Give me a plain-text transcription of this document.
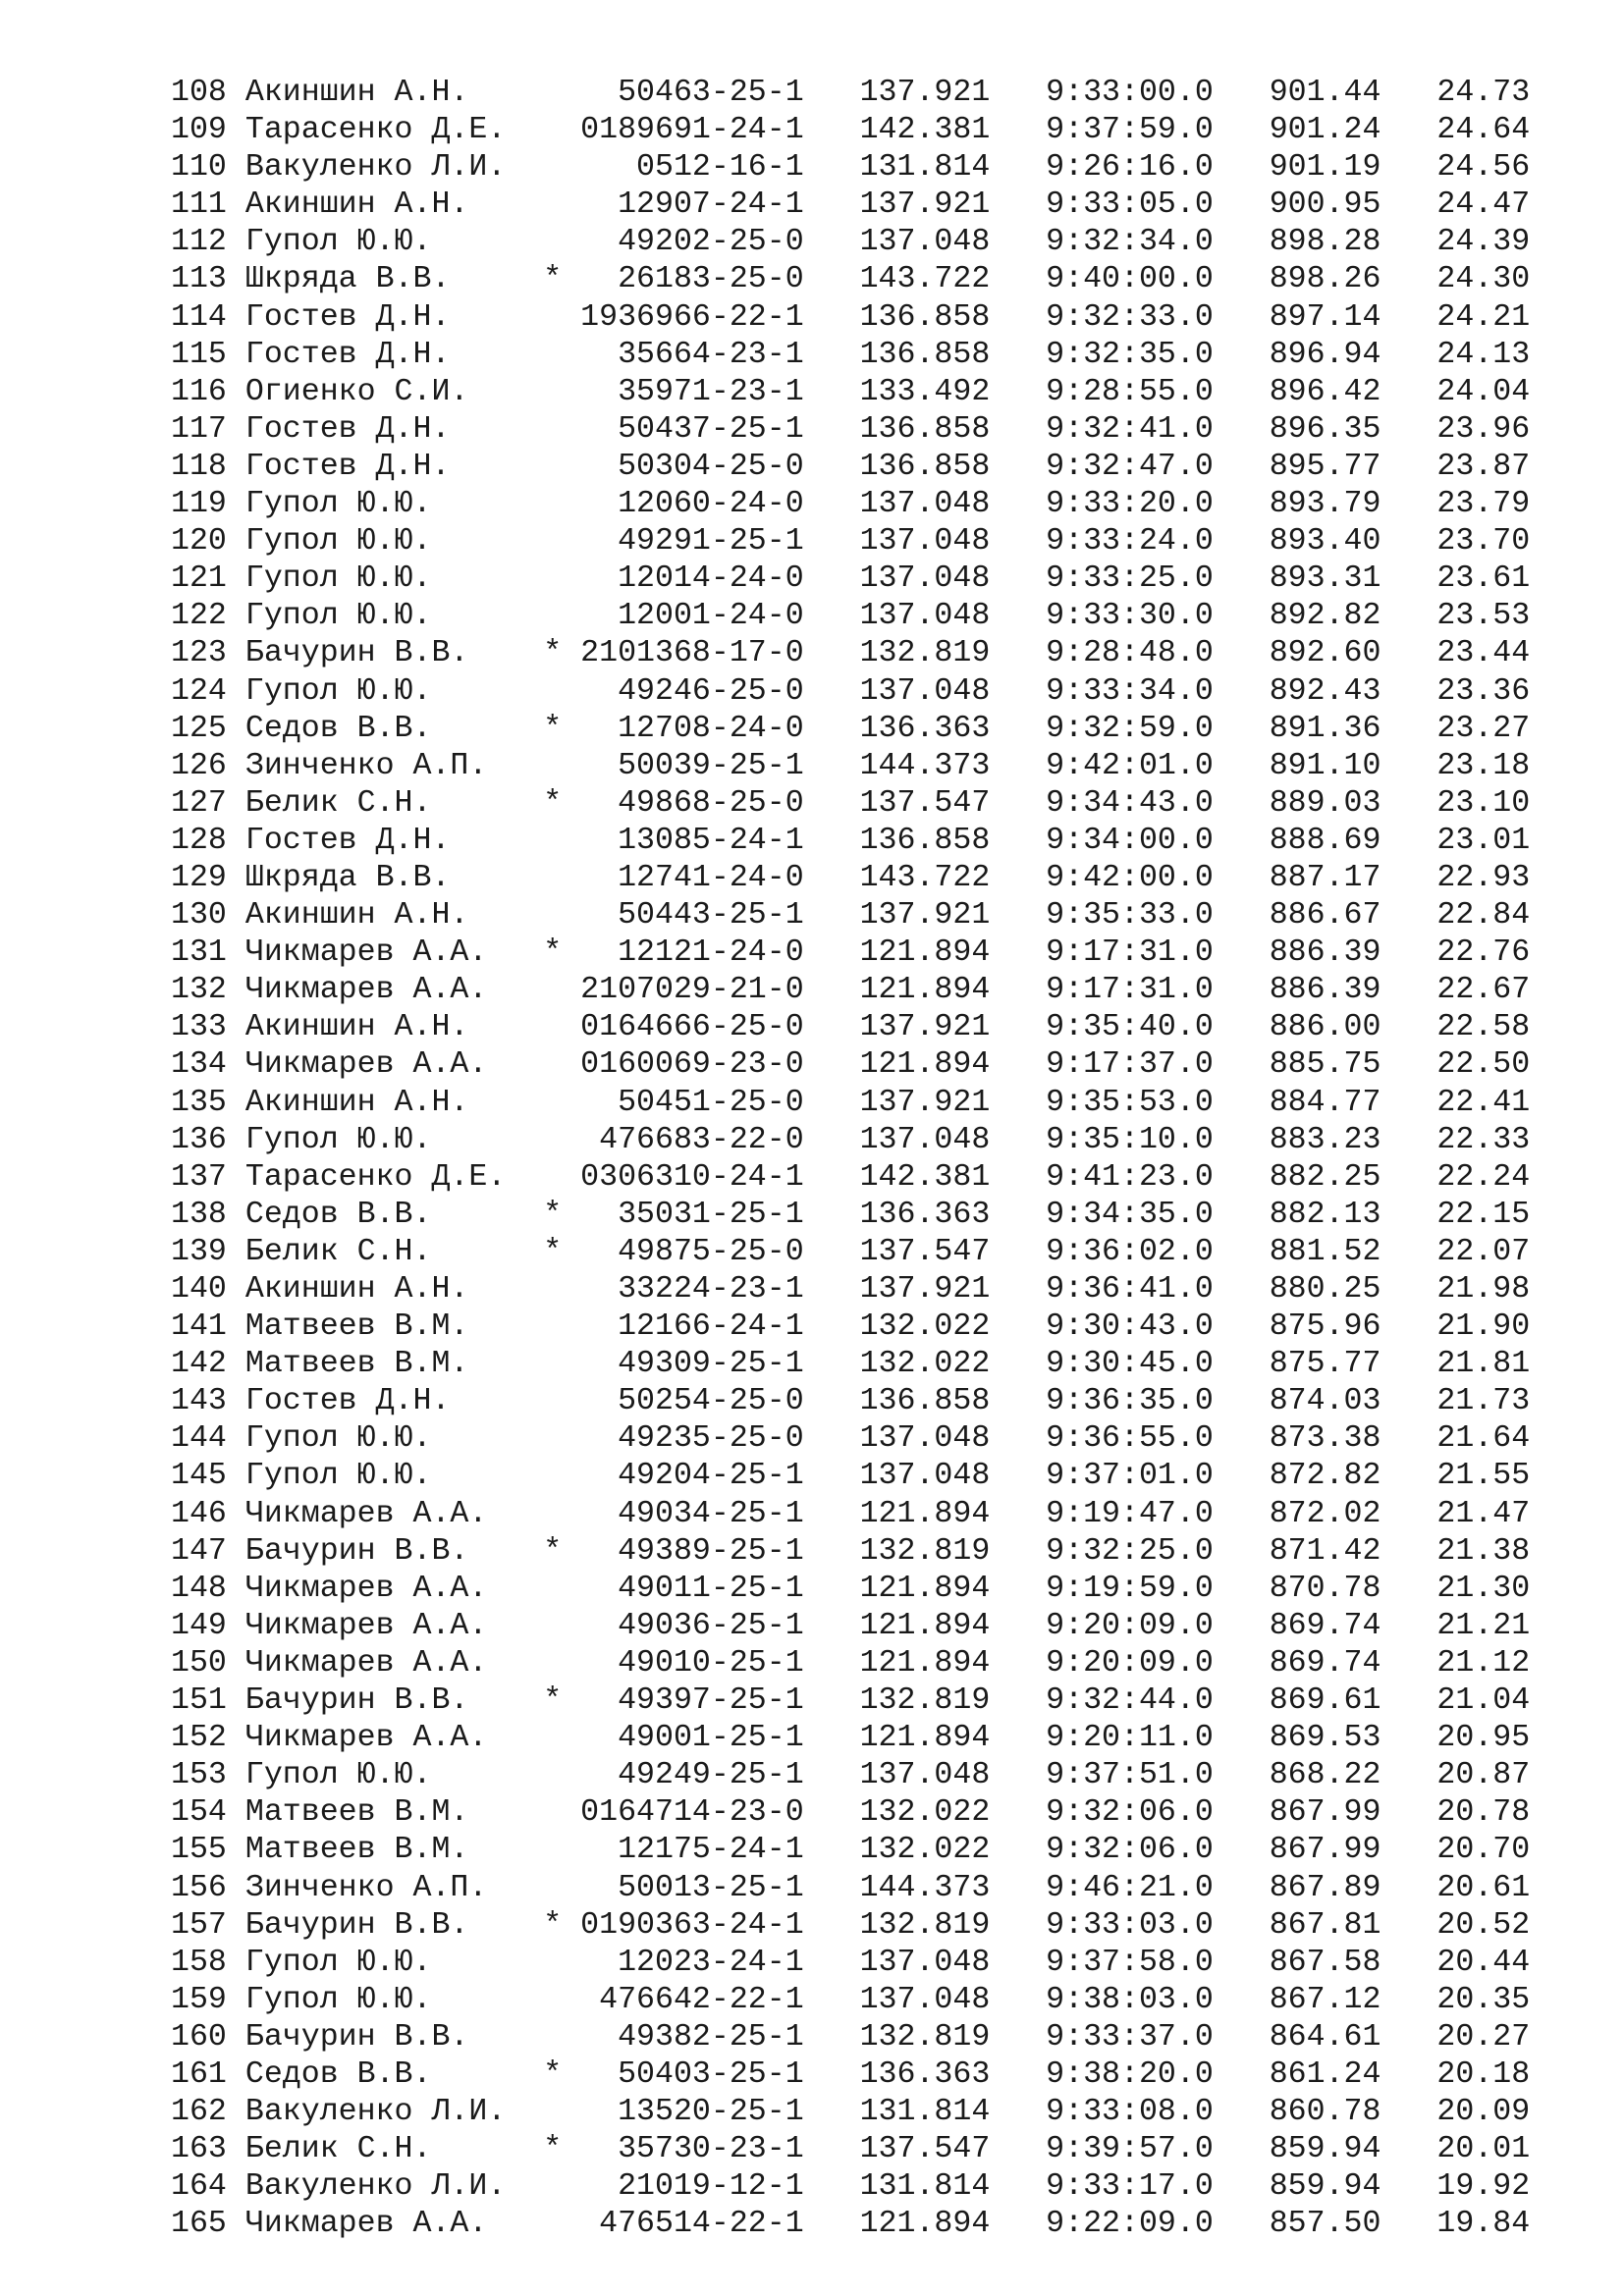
108 Акиншин А.Н.        50463-25-1 137.921 9:33:00.0 901.44 24.73
109 Тарасенко Д.Е.    0189691-24-1 142.381 9:37:59.0 901.24 24.64
110 Вакуленко Л.И.       0512-16-1 131.814 9:26:16.0 901.19 24.56
111 Акиншин А.Н.        12907-24-1 137.921 9:33:05.0 900.95 24.47
112 Гупол Ю.Ю.          49202-25-0 137.048 9:32:34.0 898.28 24.39
113 Шкряда В.В.     *   26183-25-0 143.722 9:40:00.0 898.26 24.30
114 Гостев Д.Н.       1936966-22-1 136.858 9:32:33.0 897.14 24.21
115 Гостев Д.Н.         35664-23-1 136.858 9:32:35.0 896.94 24.13
116 Огиенко С.И.        35971-23-1 133.492 9:28:55.0 896.42 24.04
117 Гостев Д.Н.         50437-25-1 136.858 9:32:41.0 896.35 23.96
118 Гостев Д.Н.         50304-25-0 136.858 9:32:47.0 895.77 23.87
119 Гупол Ю.Ю.          12060-24-0 137.048 9:33:20.0 893.79 23.79
120 Гупол Ю.Ю.          49291-25-1 137.048 9:33:24.0 893.40 23.70
121 Гупол Ю.Ю.          12014-24-0 137.048 9:33:25.0 893.31 23.61
122 Гупол Ю.Ю.          12001-24-0 137.048 9:33:30.0 892.82 23.53
123 Бачурин В.В.    * 2101368-17-0 132.819 9:28:48.0 892.60 23.44
124 Гупол Ю.Ю.          49246-25-0 137.048 9:33:34.0 892.43 23.36
125 Седов В.В.      *   12708-24-0 136.363 9:32:59.0 891.36 23.27
126 Зинченко А.П.       50039-25-1 144.373 9:42:01.0 891.10 23.18
127 Белик С.Н.      *   49868-25-0 137.547 9:34:43.0 889.03 23.10
128 Гостев Д.Н.         13085-24-1 136.858 9:34:00.0 888.69 23.01
129 Шкряда В.В.         12741-24-0 143.722 9:42:00.0 887.17 22.93
130 Акиншин А.Н.        50443-25-1 137.921 9:35:33.0 886.67 22.84
131 Чикмарев А.А.   *   12121-24-0 121.894 9:17:31.0 886.39 22.76
132 Чикмарев А.А.     2107029-21-0 121.894 9:17:31.0 886.39 22.67
133 Акиншин А.Н.      0164666-25-0 137.921 9:35:40.0 886.00 22.58
134 Чикмарев А.А.     0160069-23-0 121.894 9:17:37.0 885.75 22.50
135 Акиншин А.Н.        50451-25-0 137.921 9:35:53.0 884.77 22.41
136 Гупол Ю.Ю.         476683-22-0 137.048 9:35:10.0 883.23 22.33
137 Тарасенко Д.Е.    0306310-24-1 142.381 9:41:23.0 882.25 22.24
138 Седов В.В.      *   35031-25-1 136.363 9:34:35.0 882.13 22.15
139 Белик С.Н.      *   49875-25-0 137.547 9:36:02.0 881.52 22.07
140 Акиншин А.Н.        33224-23-1 137.921 9:36:41.0 880.25 21.98
141 Матвеев В.М.        12166-24-1 132.022 9:30:43.0 875.96 21.90
142 Матвеев В.М.        49309-25-1 132.022 9:30:45.0 875.77 21.81
143 Гостев Д.Н.         50254-25-0 136.858 9:36:35.0 874.03 21.73
144 Гупол Ю.Ю.          49235-25-0 137.048 9:36:55.0 873.38 21.64
145 Гупол Ю.Ю.          49204-25-1 137.048 9:37:01.0 872.82 21.55
146 Чикмарев А.А.       49034-25-1 121.894 9:19:47.0 872.02 21.47
147 Бачурин В.В.    *   49389-25-1 132.819 9:32:25.0 871.42 21.38
148 Чикмарев А.А.       49011-25-1 121.894 9:19:59.0 870.78 21.30
149 Чикмарев А.А.       49036-25-1 121.894 9:20:09.0 869.74 21.21
150 Чикмарев А.А.       49010-25-1 121.894 9:20:09.0 869.74 21.12
151 Бачурин В.В.    *   49397-25-1 132.819 9:32:44.0 869.61 21.04
152 Чикмарев А.А.       49001-25-1 121.894 9:20:11.0 869.53 20.95
153 Гупол Ю.Ю.          49249-25-1 137.048 9:37:51.0 868.22 20.87
154 Матвеев В.М.      0164714-23-0 132.022 9:32:06.0 867.99 20.78
155 Матвеев В.М.        12175-24-1 132.022 9:32:06.0 867.99 20.70
156 Зинченко А.П.       50013-25-1 144.373 9:46:21.0 867.89 20.61
157 Бачурин В.В.    * 0190363-24-1 132.819 9:33:03.0 867.81 20.52
158 Гупол Ю.Ю.          12023-24-1 137.048 9:37:58.0 867.58 20.44
159 Гупол Ю.Ю.         476642-22-1 137.048 9:38:03.0 867.12 20.35
160 Бачурин В.В.        49382-25-1 132.819 9:33:37.0 864.61 20.27
161 Седов В.В.      *   50403-25-1 136.363 9:38:20.0 861.24 20.18
162 Вакуленко Л.И.      13520-25-1 131.814 9:33:08.0 860.78 20.09
163 Белик С.Н.      *   35730-23-1 137.547 9:39:57.0 859.94 20.01
164 Вакуленко Л.И.      21019-12-1 131.814 9:33:17.0 859.94 19.92
165 Чикмарев А.А.      476514-22-1 121.894 9:22:09.0 857.50 19.84
